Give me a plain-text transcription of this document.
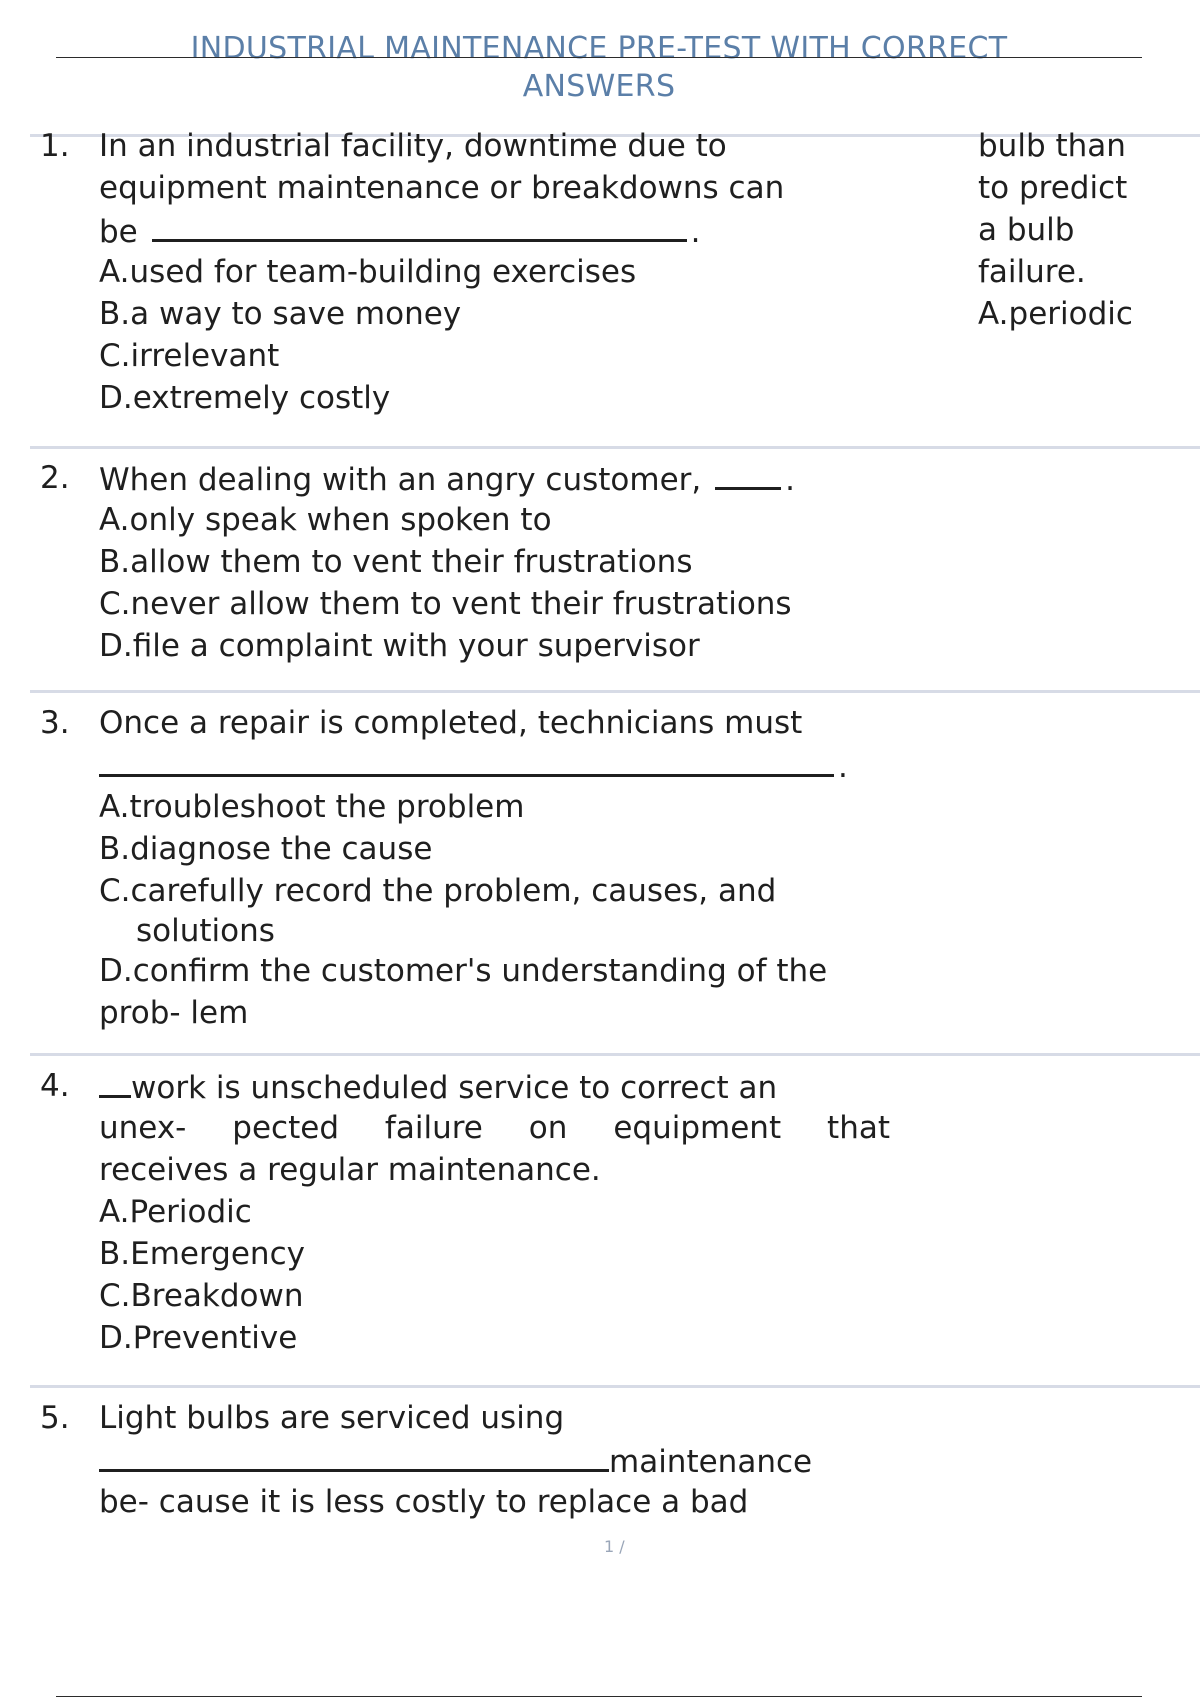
INDUSTRIAL MAINTENANCE PRE-TEST WITH CORRECT
ANSWERS
1. In an industrial facility, downtime due to
equipment maintenance or breakdowns can
be	.
A.used for team-building exercises
B.a way to save money
C.irrelevant
D.extremely costly
bulb than
to predict
a bulb
failure.
A.periodic
2. When dealing with an angry customer,	.
A.only speak when spoken to
B.allow them to vent their frustrations
C.never allow them to vent their frustrations
D.file a complaint with your supervisor
3. Once a repair is completed, technicians must
.
A.troubleshoot the problem
B.diagnose the cause
C.carefully record the problem, causes, and
solutions
D.confirm the customer's understanding of the
prob- lem
4. work is unscheduled service to correct an
unex- pected failure on equipment that
receives a regular maintenance.
A.Periodic
B.Emergency
C.Breakdown
D.Preventive
5. Light bulbs are serviced using
maintenance
be- cause it is less costly to replace a bad
1 /
